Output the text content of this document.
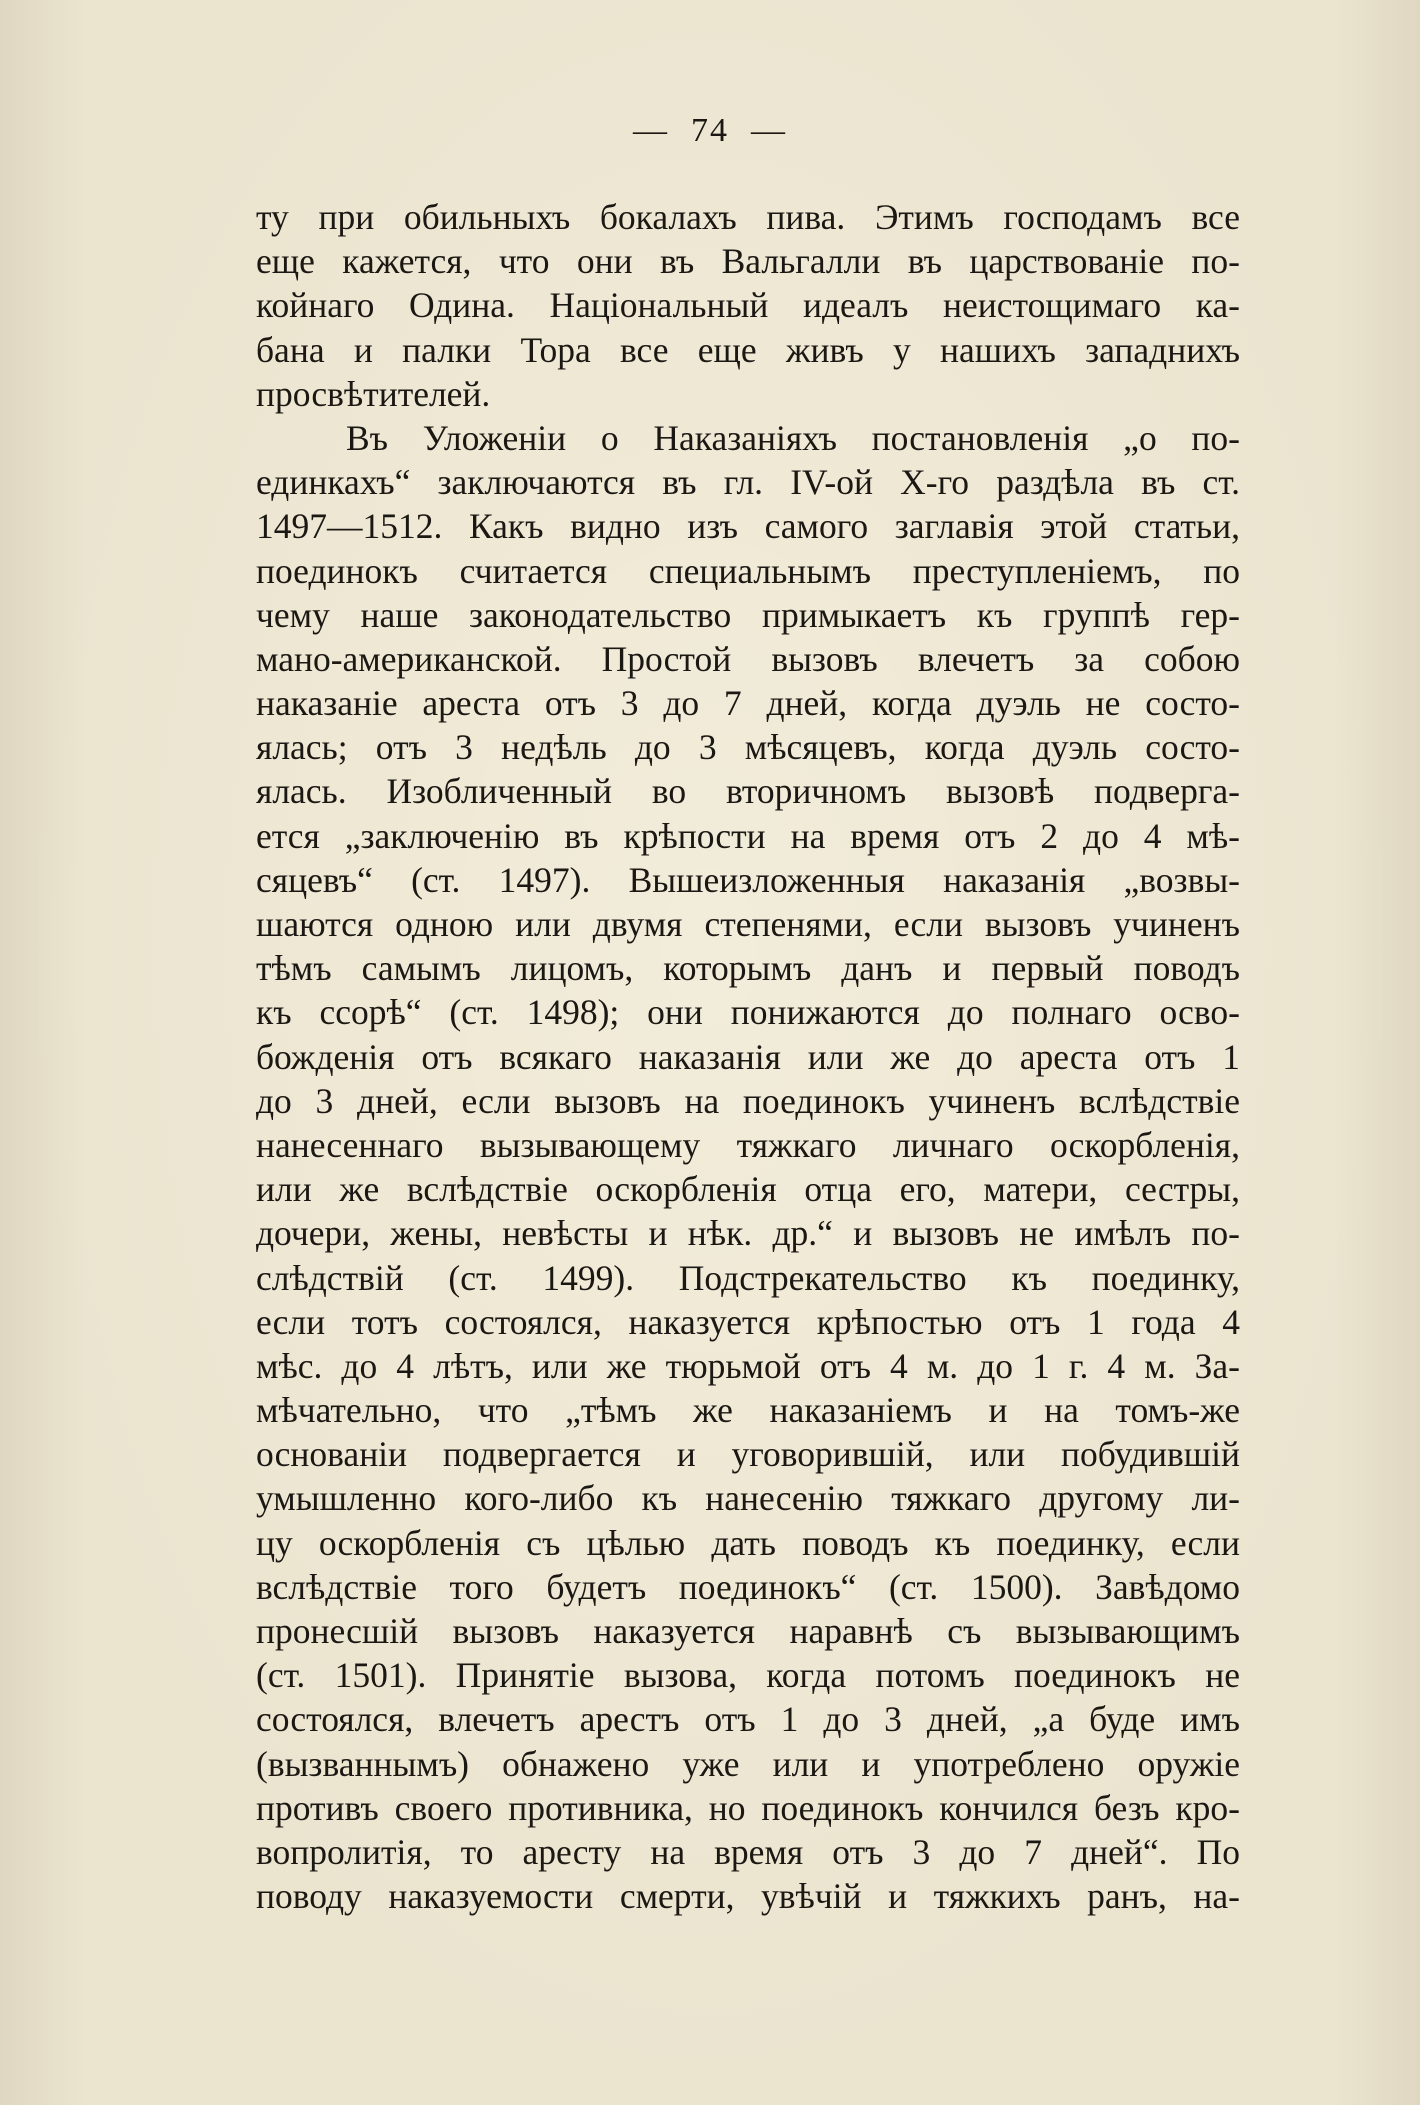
— 74 —
ту при обильныхъ бокалахъ пива. Этимъ господамъ все
еще кажется, что они въ Вальгалли въ царствованіе по-
койнаго Одина. Національный идеалъ неистощимаго ка-
бана и палки Тора все еще живъ у нашихъ западнихъ
просвѣтителей.
Въ Уложеніи о Наказаніяхъ постановленія „о по-
единкахъ“ заключаются въ гл. IV-ой X-го раздѣла въ ст.
1497—1512. Какъ видно изъ самого заглавія этой статьи,
поединокъ считается специальнымъ преступленіемъ, по
чему наше законодательство примыкаетъ къ группѣ гер-
мано-американской. Простой вызовъ влечетъ за собою
наказаніе ареста отъ 3 до 7 дней, когда дуэль не состо-
ялась; отъ 3 недѣль до 3 мѣсяцевъ, когда дуэль состо-
ялась. Изобличенный во вторичномъ вызовѣ подверга-
ется „заключенію въ крѣпости на время отъ 2 до 4 мѣ-
сяцевъ“ (ст. 1497). Вышеизложенныя наказанія „возвы-
шаются одною или двумя степенями, если вызовъ учиненъ
тѣмъ самымъ лицомъ, которымъ данъ и первый поводъ
къ ссорѣ“ (ст. 1498); они понижаются до полнаго осво-
божденія отъ всякаго наказанія или же до ареста отъ 1
до 3 дней, если вызовъ на поединокъ учиненъ вслѣдствіе
нанесеннаго вызывающему тяжкаго личнаго оскорбленія,
или же вслѣдствіе оскорбленія отца его, матери, сестры,
дочери, жены, невѣсты и нѣк. др.“ и вызовъ не имѣлъ по-
слѣдствій (ст. 1499). Подстрекательство къ поединку,
если тотъ состоялся, наказуется крѣпостью отъ 1 года 4
мѣс. до 4 лѣтъ, или же тюрьмой отъ 4 м. до 1 г. 4 м. За-
мѣчательно, что „тѣмъ же наказаніемъ и на томъ-же
основаніи подвергается и уговорившій, или побудившій
умышленно кого-либо къ нанесенію тяжкаго другому ли-
цу оскорбленія съ цѣлью дать поводъ къ поединку, если
вслѣдствіе того будетъ поединокъ“ (ст. 1500). Завѣдомо
пронесшій вызовъ наказуется наравнѣ съ вызывающимъ
(ст. 1501). Принятіе вызова, когда потомъ поединокъ не
состоялся, влечетъ арестъ отъ 1 до 3 дней, „а буде имъ
(вызваннымъ) обнажено уже или и употреблено оружіе
противъ своего противника, но поединокъ кончился безъ кро-
вопролитія, то аресту на время отъ 3 до 7 дней“. По
поводу наказуемости смерти, увѣчій и тяжкихъ ранъ, на-
